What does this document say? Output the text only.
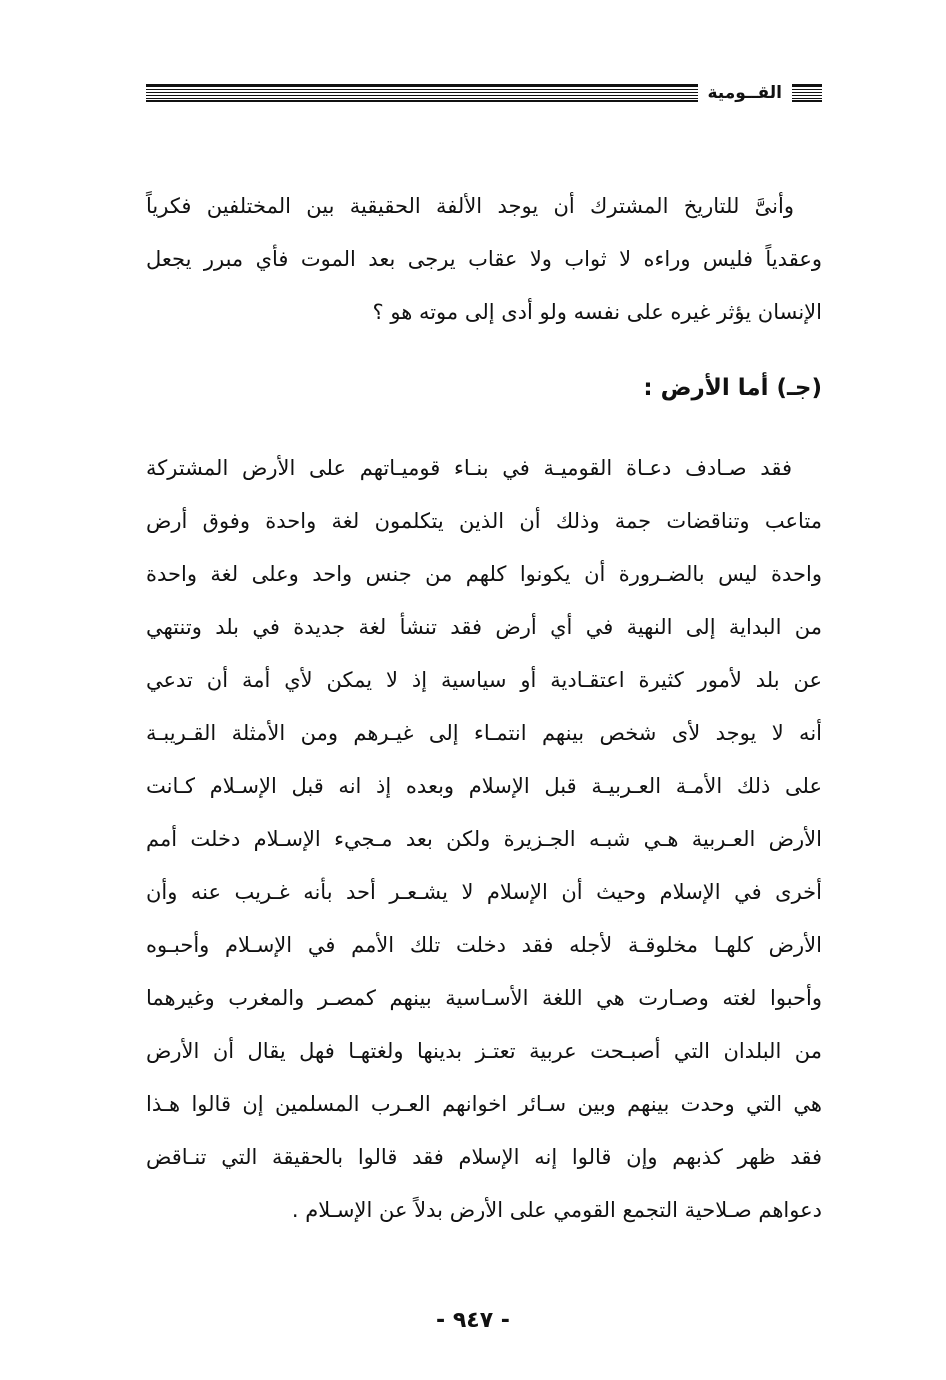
القــومية

وأنىَّ للتاريخ المشترك أن يوجد الألفة الحقيقية بين المختلفين فكرياً
وعقدياً فليس وراءه لا ثواب ولا عقاب يرجى بعد الموت فأي مبرر يجعل
الإنسان يؤثر غيره على نفسه ولو أدى إلى موته هو ؟

(جـ) أما الأرض :

فقد صـادف دعـاة القوميـة في بنـاء قوميـاتهم على الأرض المشتركة
متاعب وتناقضات جمة وذلك أن الذين يتكلمون لغة واحدة وفوق أرض
واحدة ليس بالضـرورة أن يكونوا كلهم من جنس واحد وعلى لغة واحدة
من البداية إلى النهية في أي أرض فقد تنشأ لغة جديدة في بلد وتنتهي
عن بلد لأمور كثيرة اعتقـادية أو سياسية إذ لا يمكن لأي أمة أن تدعي
أنه لا يوجد لأى شخص بينهم انتمـاء إلى غيـرهم ومن الأمثلة القـريبـة
على ذلك الأمـة العـربيـة قبل الإسلام وبعده إذ انه قبل الإسـلام كـانت
الأرض العـربية هـي شبـه الجـزيرة ولكن بعد مـجيء الإسـلام دخلت أمم
أخرى في الإسلام وحيث أن الإسلام لا يشـعـر أحد بأنه غـريب عنه وأن
الأرض كلهـا مخلوقـة لأجله فقد دخلت تلك الأمم في الإسـلام وأحبـوه
وأحبوا لغته وصـارت هي اللغة الأسـاسية بينهم كمصـر والمغرب وغيرهما
من البلدان التي أصبـحت عربية تعتـز بدينها ولغتهـا فهل يقال أن الأرض
هي التي وحدت بينهم وبين سـائر اخوانهم العـرب المسلمين إن قالوا هـذا
فقد ظهر كذبهم وإن قالوا إنه الإسلام فقد قالوا بالحقيقة التي تنـاقض
دعواهم صـلاحية التجمع القومي على الأرض بدلاً عن الإسـلام .

- ٩٤٧ -
